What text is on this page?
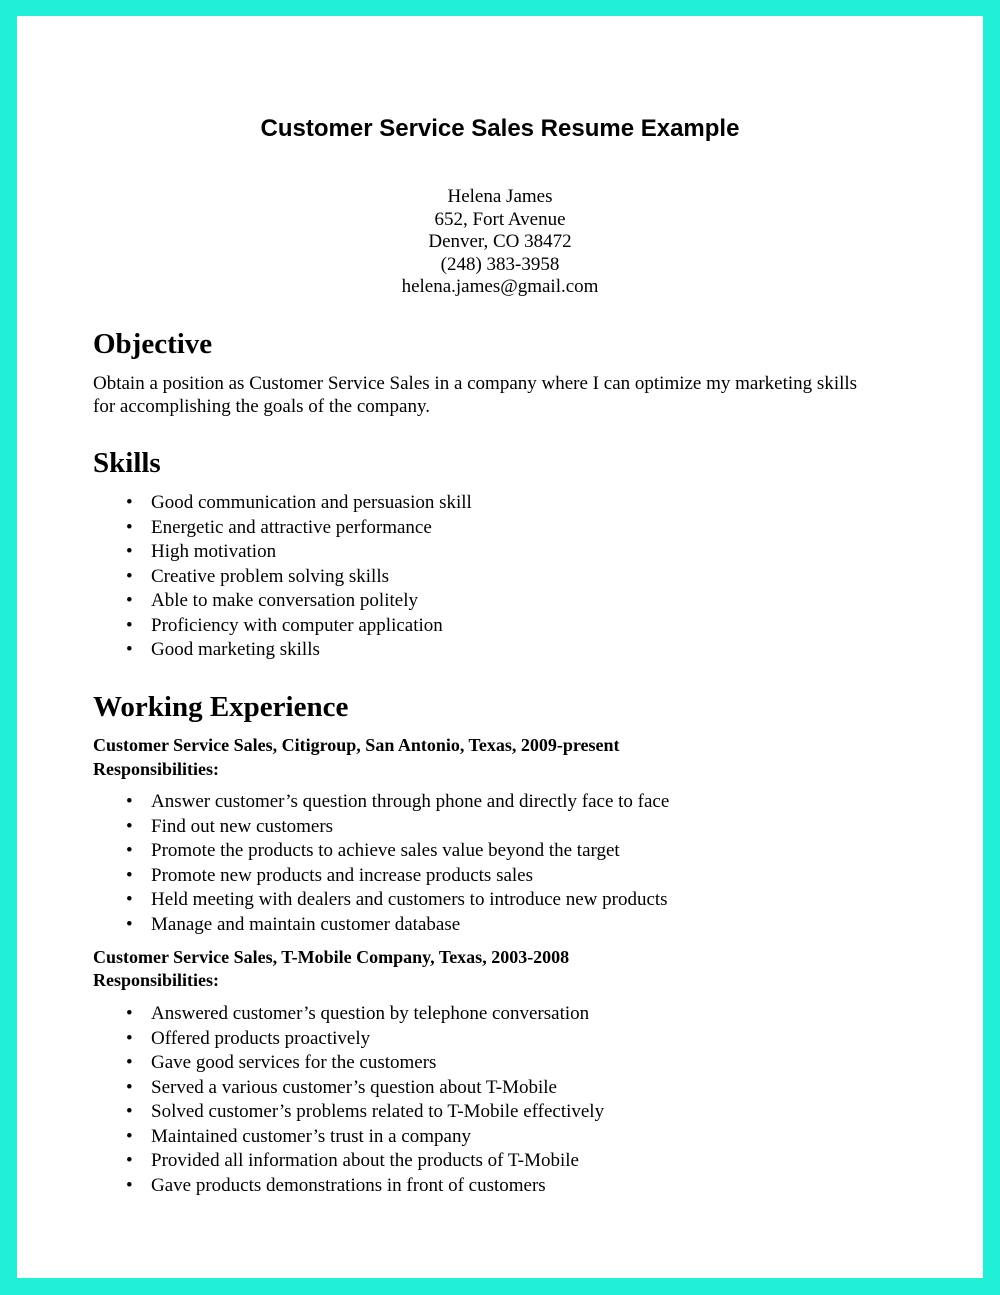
Customer Service Sales Resume Example
Helena James
652, Fort Avenue
Denver, CO 38472
(248) 383-3958
helena.james@gmail.com
Objective
Obtain a position as Customer Service Sales in a company where I can optimize my marketing skills
for accomplishing the goals of the company.
Skills
• Good communication and persuasion skill
• Energetic and attractive performance
• High motivation
• Creative problem solving skills
• Able to make conversation politely
• Proficiency with computer application
• Good marketing skills
Working Experience
Customer Service Sales, Citigroup, San Antonio, Texas, 2009-present
Responsibilities:
• Answer customer’s question through phone and directly face to face
• Find out new customers
• Promote the products to achieve sales value beyond the target
• Promote new products and increase products sales
• Held meeting with dealers and customers to introduce new products
• Manage and maintain customer database
Customer Service Sales, T-Mobile Company, Texas, 2003-2008
Responsibilities:
• Answered customer’s question by telephone conversation
• Offered products proactively
• Gave good services for the customers
• Served a various customer’s question about T-Mobile
• Solved customer’s problems related to T-Mobile effectively
• Maintained customer’s trust in a company
• Provided all information about the products of T-Mobile
• Gave products demonstrations in front of customers
